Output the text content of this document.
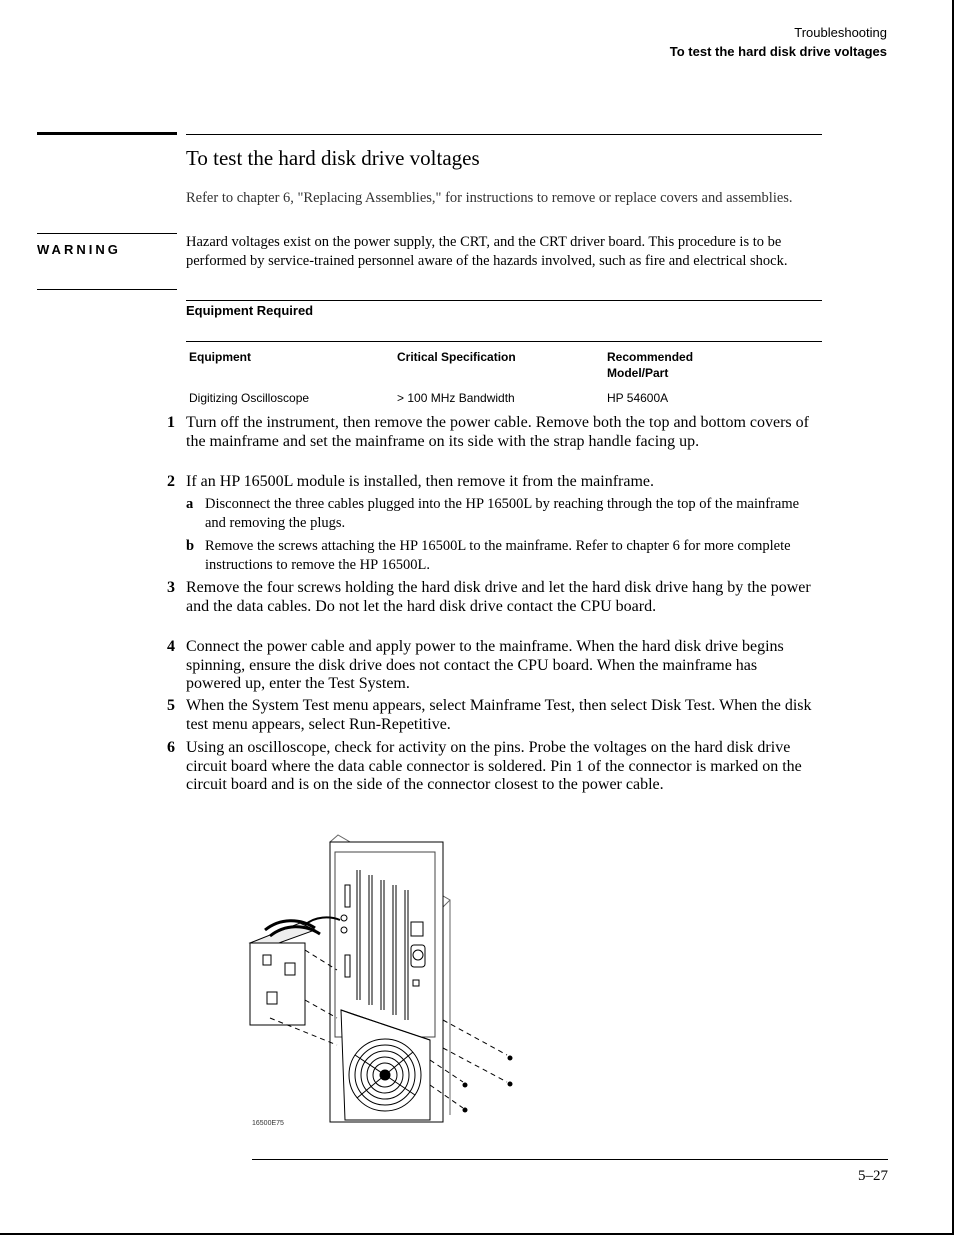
Troubleshooting
To test the hard disk drive voltages
To test the hard disk drive voltages
Refer to chapter 6, "Replacing Assemblies," for instructions to remove or replace covers and assemblies.
WARNING	Hazard voltages exist on the power supply, the CRT, and the CRT driver board. This procedure is to be performed by service-trained personnel aware of the hazards involved, such as fire and electrical shock.
Equipment Required
Equipment	Critical Specification	Recommended Model/Part
Digitizing Oscilloscope	> 100 MHz Bandwidth	HP 54600A
1 Turn off the instrument, then remove the power cable. Remove both the top and bottom covers of the mainframe and set the mainframe on its side with the strap handle facing up.
2 If an HP 16500L module is installed, then remove it from the mainframe.
a Disconnect the three cables plugged into the HP 16500L by reaching through the top of the mainframe and removing the plugs.
b Remove the screws attaching the HP 16500L to the mainframe. Refer to chapter 6 for more complete instructions to remove the HP 16500L.
3 Remove the four screws holding the hard disk drive and let the hard disk drive hang by the power and the data cables. Do not let the hard disk drive contact the CPU board.
4 Connect the power cable and apply power to the mainframe. When the hard disk drive begins spinning, ensure the disk drive does not contact the CPU board. When the mainframe has powered up, enter the Test System.
5 When the System Test menu appears, select Mainframe Test, then select Disk Test. When the disk test menu appears, select Run-Repetitive.
6 Using an oscilloscope, check for activity on the pins. Probe the voltages on the hard disk drive circuit board where the data cable connector is soldered. Pin 1 of the connector is marked on the circuit board and is on the side of the connector closest to the power cable.
16500E75
5–27
